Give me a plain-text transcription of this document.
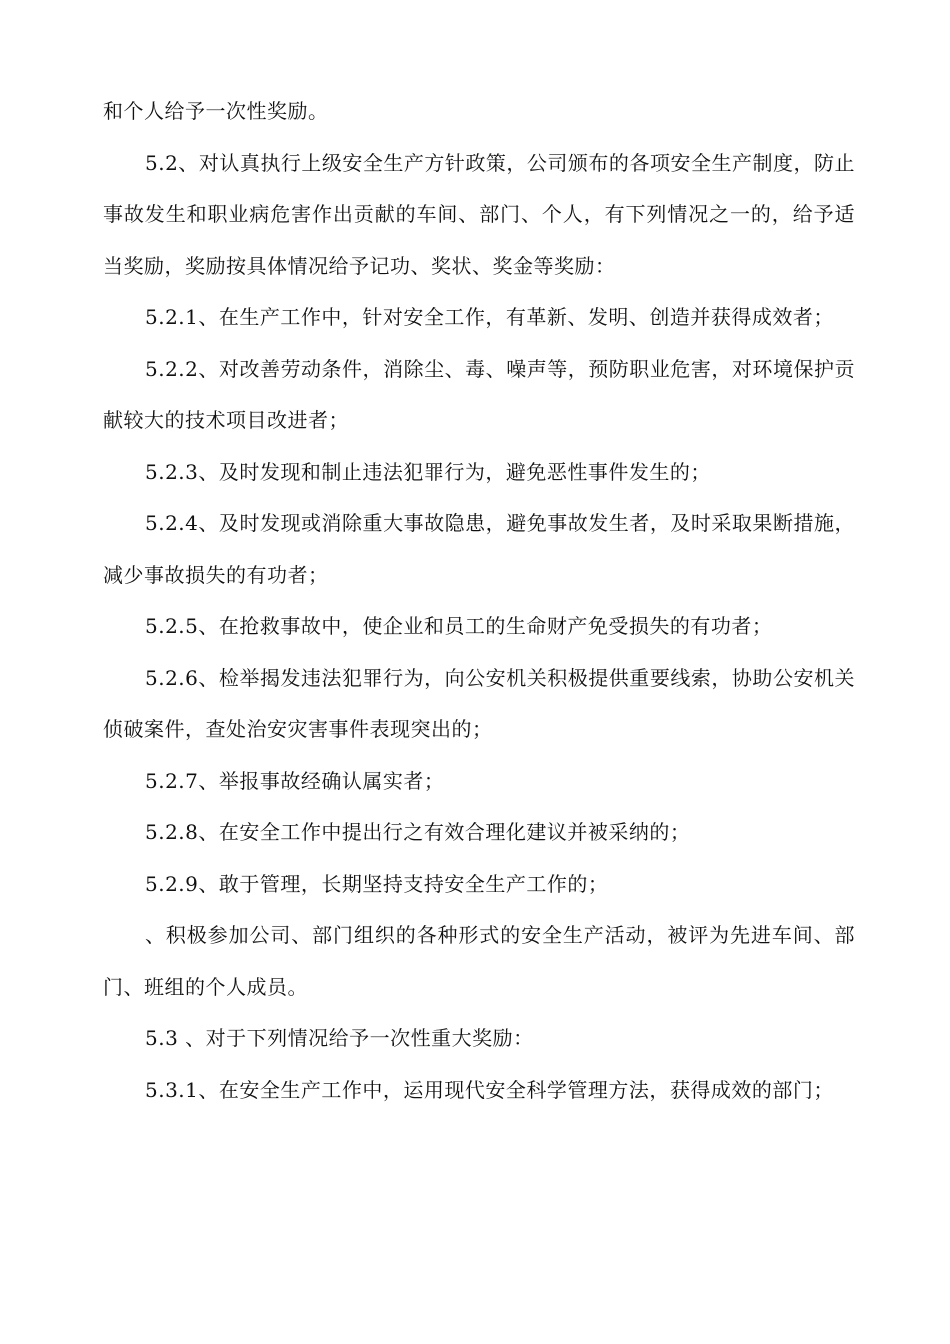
和个人给予一次性奖励。

5.2、对认真执行上级安全生产方针政策，公司颁布的各项安全生产制度，防止事故发生和职业病危害作出贡献的车间、部门、个人，有下列情况之一的，给予适当奖励，奖励按具体情况给予记功、奖状、奖金等奖励：

5.2.1、在生产工作中，针对安全工作，有革新、发明、创造并获得成效者；

5.2.2、对改善劳动条件，消除尘、毒、噪声等，预防职业危害，对环境保护贡献较大的技术项目改进者；

5.2.3、及时发现和制止违法犯罪行为，避免恶性事件发生的；

5.2.4、及时发现或消除重大事故隐患，避免事故发生者，及时采取果断措施，减少事故损失的有功者；

5.2.5、在抢救事故中，使企业和员工的生命财产免受损失的有功者；

5.2.6、检举揭发违法犯罪行为，向公安机关积极提供重要线索，协助公安机关侦破案件，查处治安灾害事件表现突出的；

5.2.7、举报事故经确认属实者；

5.2.8、在安全工作中提出行之有效合理化建议并被采纳的；

5.2.9、敢于管理，长期坚持支持安全生产工作的；

、积极参加公司、部门组织的各种形式的安全生产活动，被评为先进车间、部门、班组的个人成员。

5.3 、对于下列情况给予一次性重大奖励：

5.3.1、在安全生产工作中，运用现代安全科学管理方法，获得成效的部门；
